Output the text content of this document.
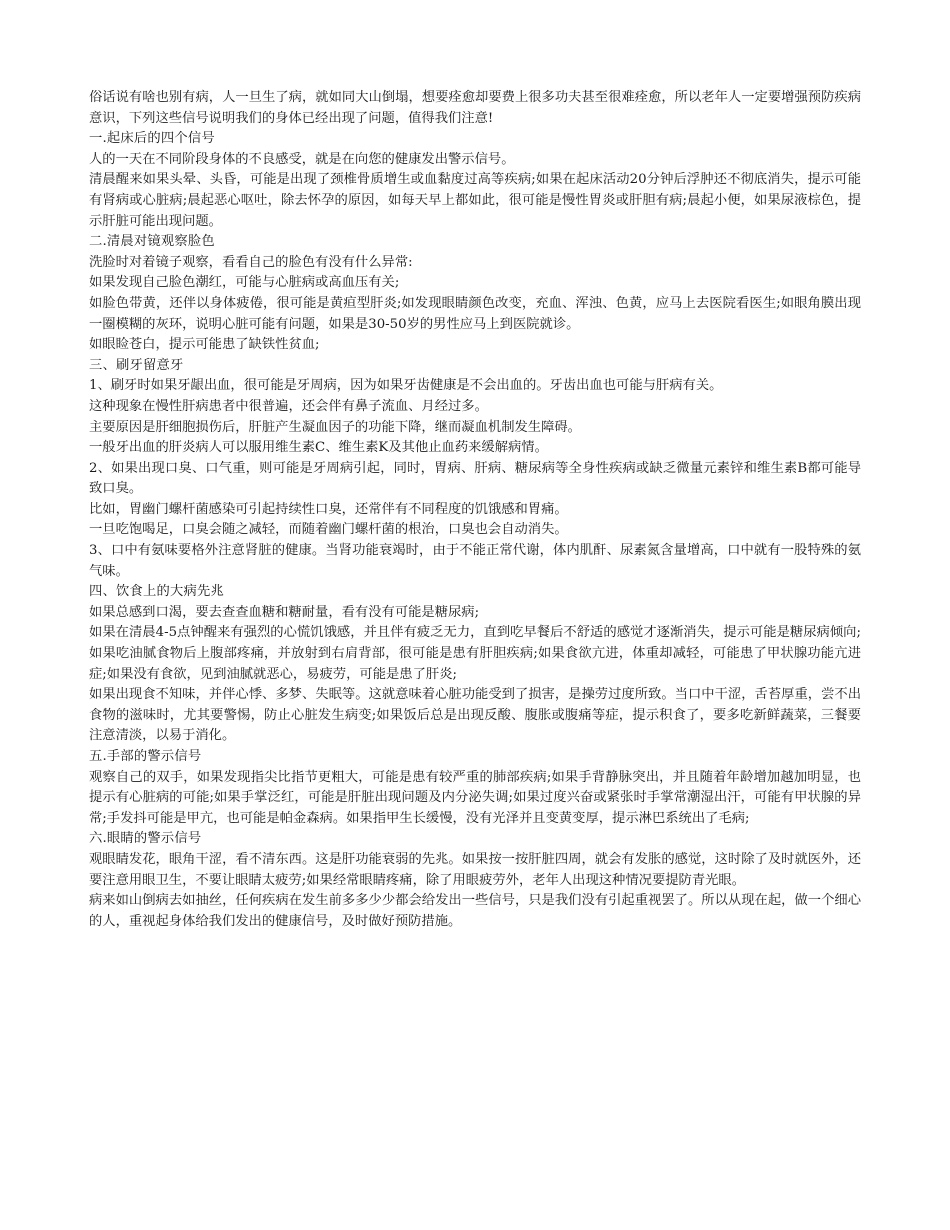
俗话说有啥也别有病，人一旦生了病，就如同大山倒塌，想要痊愈却要费上很多功夫甚至很难痊愈，所以老年人一定要增强预防疾病意识，下列这些信号说明我们的身体已经出现了问题，值得我们注意!

一.起床后的四个信号

人的一天在不同阶段身体的不良感受，就是在向您的健康发出警示信号。

清晨醒来如果头晕、头昏，可能是出现了颈椎骨质增生或血黏度过高等疾病;如果在起床活动20分钟后浮肿还不彻底消失，提示可能有肾病或心脏病;晨起恶心呕吐，除去怀孕的原因，如每天早上都如此，很可能是慢性胃炎或肝胆有病;晨起小便，如果尿液棕色，提示肝脏可能出现问题。

二.清晨对镜观察脸色

洗脸时对着镜子观察，看看自己的脸色有没有什么异常:

如果发现自己脸色潮红，可能与心脏病或高血压有关;

如脸色带黄，还伴以身体疲倦，很可能是黄疸型肝炎;如发现眼睛颜色改变，充血、浑浊、色黄，应马上去医院看医生;如眼角膜出现一圈模糊的灰环，说明心脏可能有问题，如果是30-50岁的男性应马上到医院就诊。

如眼睑苍白，提示可能患了缺铁性贫血;

三、刷牙留意牙

1、刷牙时如果牙龈出血，很可能是牙周病，因为如果牙齿健康是不会出血的。牙齿出血也可能与肝病有关。

这种现象在慢性肝病患者中很普遍，还会伴有鼻子流血、月经过多。

主要原因是肝细胞损伤后，肝脏产生凝血因子的功能下降，继而凝血机制发生障碍。

一般牙出血的肝炎病人可以服用维生素C、维生素K及其他止血药来缓解病情。

2、如果出现口臭、口气重，则可能是牙周病引起，同时，胃病、肝病、糖尿病等全身性疾病或缺乏微量元素锌和维生素B都可能导致口臭。

比如，胃幽门螺杆菌感染可引起持续性口臭，还常伴有不同程度的饥饿感和胃痛。

一旦吃饱喝足，口臭会随之减轻，而随着幽门螺杆菌的根治，口臭也会自动消失。

3、口中有氨味要格外注意肾脏的健康。当肾功能衰竭时，由于不能正常代谢，体内肌酐、尿素氮含量增高，口中就有一股特殊的氨气味。

四、饮食上的大病先兆

如果总感到口渴，要去查查血糖和糖耐量，看有没有可能是糖尿病;

如果在清晨4-5点钟醒来有强烈的心慌饥饿感，并且伴有疲乏无力，直到吃早餐后不舒适的感觉才逐渐消失，提示可能是糖尿病倾向;如果吃油腻食物后上腹部疼痛，并放射到右肩背部，很可能是患有肝胆疾病;如果食欲亢进，体重却减轻，可能患了甲状腺功能亢进症;如果没有食欲，见到油腻就恶心，易疲劳，可能是患了肝炎;

如果出现食不知味，并伴心悸、多梦、失眠等。这就意味着心脏功能受到了损害，是操劳过度所致。当口中干涩，舌苔厚重，尝不出食物的滋味时，尤其要警惕，防止心脏发生病变;如果饭后总是出现反酸、腹胀或腹痛等症，提示积食了，要多吃新鲜蔬菜，三餐要注意清淡，以易于消化。

五.手部的警示信号

观察自己的双手，如果发现指尖比指节更粗大，可能是患有较严重的肺部疾病;如果手背静脉突出，并且随着年龄增加越加明显，也提示有心脏病的可能;如果手掌泛红，可能是肝脏出现问题及内分泌失调;如果过度兴奋或紧张时手掌常潮湿出汗，可能有甲状腺的异常;手发抖可能是甲亢，也可能是帕金森病。如果指甲生长缓慢，没有光泽并且变黄变厚，提示淋巴系统出了毛病;

六.眼睛的警示信号

观眼睛发花，眼角干涩，看不清东西。这是肝功能衰弱的先兆。如果按一按肝脏四周，就会有发胀的感觉，这时除了及时就医外，还要注意用眼卫生，不要让眼睛太疲劳;如果经常眼睛疼痛，除了用眼疲劳外，老年人出现这种情况要提防青光眼。

病来如山倒病去如抽丝，任何疾病在发生前多多少少都会给发出一些信号，只是我们没有引起重视罢了。所以从现在起，做一个细心的人，重视起身体给我们发出的健康信号，及时做好预防措施。
